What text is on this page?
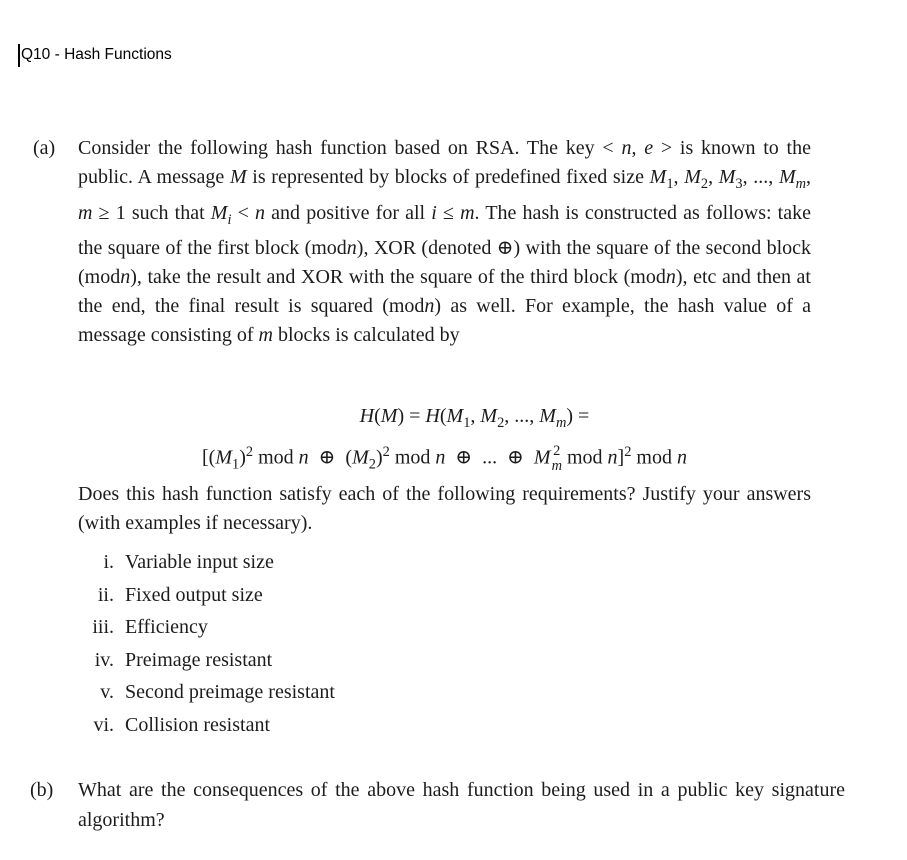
Q10 - Hash Functions
(a)	Consider the following hash function based on RSA. The key < n, e > is known to the public. A message M is represented by blocks of predefined fixed size $M_1$, $M_2$, $M_3$, ..., $M_m$, m ≥ 1 such that $M_i < n$ and positive for all i ≤ m. The hash is constructed as follows: take the square of the first block (modn), XOR (denoted ⊕) with the square of the second block (modn), take the result and XOR with the square of the third block (modn), etc and then at the end, the final result is squared (modn) as well. For example, the hash value of a message consisting of m blocks is calculated by

$H(M) = H(M_1$, $M_2$, ..., $M_m$) =
[$(M_1)^2$ mod n  ⊕  $(M_2)^2$ mod n  ⊕  ...  ⊕  M 2
m mod n]$^2$ mod n

Does this hash function satisfy each of the following requirements? Justify your answers (with examples if necessary).

i. Variable input size
ii. Fixed output size
iii. Efficiency
iv. Preimage resistant
v. Second preimage resistant
vi. Collision resistant
(b)	What are the consequences of the above hash function being used in a public key signature algorithm?
